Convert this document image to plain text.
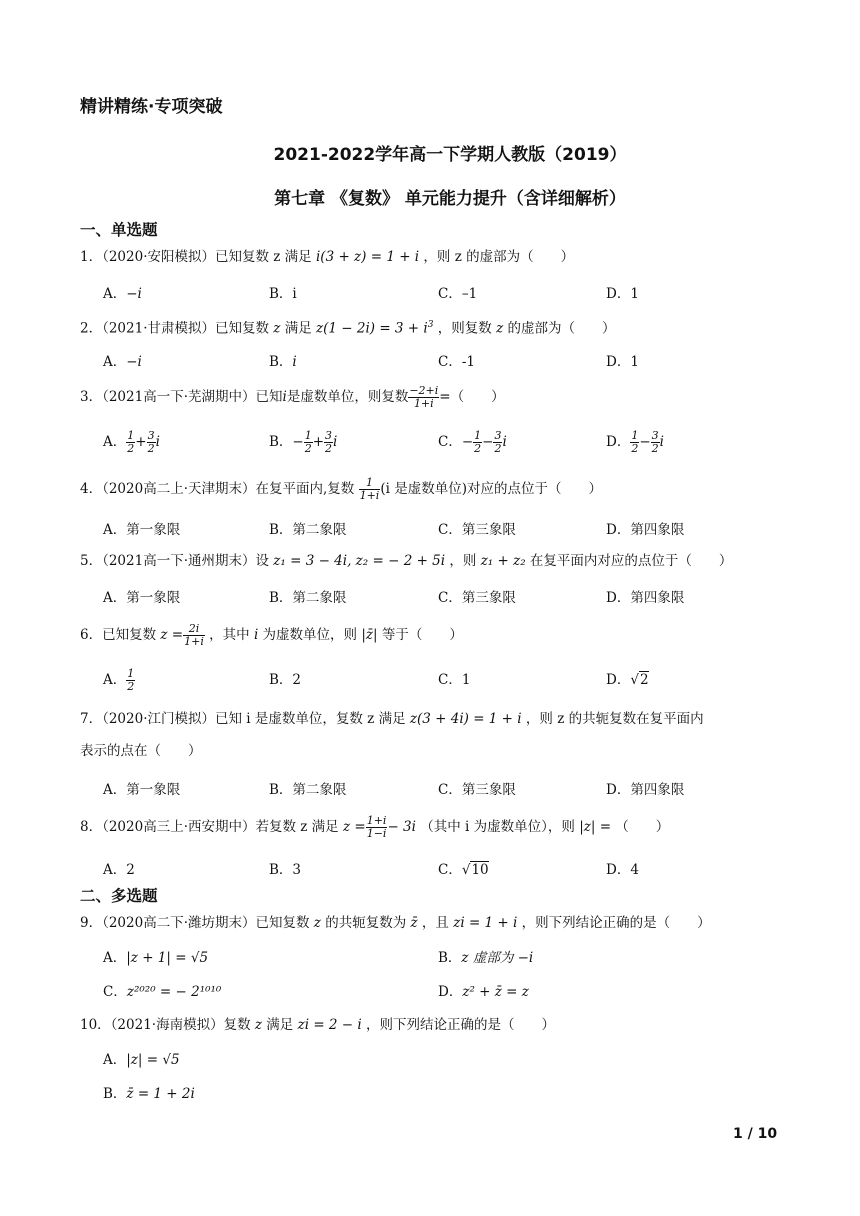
精讲精练·专项突破
2021-2022学年高一下学期人教版（2019）
第七章 《复数》 单元能力提升（含详细解析）
一、单选题
1．（2020·安阳模拟）已知复数 z 满足 i(3 + z) = 1 + i ，则 z 的虚部为（　　）
A．−i	B．i	C．–1	D．1
2．（2021·甘肃模拟）已知复数 z 满足 $z(1 - 2i) = 3 + i^3$ ，则复数 z 的虚部为（　　）
A．−i	B．i	C．-1	D．1
3．（2021高一下·芜湖期中）已知i是虚数单位，则复数 $\frac{-2+i}{1+i}$ =（　　）
A． $\frac{1}{2} + \frac{3}{2}$ i	B．− $\frac{1}{2} + \frac{3}{2}$ i	C．− $\frac{1}{2} - \frac{3}{2}$ i	D． $\frac{1}{2} - \frac{3}{2}$ i
4．（2020高二上·天津期末）在复平面内,复数 $\frac{1}{1+i} (i$ 是虚数单位)对应的点位于（　　）
A．第一象限	B．第二象限	C．第三象限	D．第四象限
5．（2021高一下·通州期末）设 z₁ = 3 − 4i, z₂ = − 2 + 5i ，则 z₁ + z₂ 在复平面内对应的点位于（　　）
A．第一象限	B．第二象限	C．第三象限	D．第四象限
6．已知复数 $z = \frac{2i}{1+i}$ ，其中 i 为虚数单位，则 |z̄| 等于（　　）
A． $\frac{1}{2}$	B．2	C．1	D．√2
7．（2020·江门模拟）已知 i 是虚数单位，复数 z 满足 z(3 + 4i) = 1 + i ，则 z 的共轭复数在复平面内
表示的点在（　　）
A．第一象限	B．第二象限	C．第三象限	D．第四象限
8．（2020高三上·西安期中）若复数 z 满足 $z = \frac{1+i}{1-i} - 3i$ （其中 i 为虚数单位），则 |z| = （　　）
A．2	B．3	C．√10	D．4
二、多选题
9．（2020高二下·潍坊期末）已知复数 z 的共轭复数为 z̄ ，且 zi = 1 + i ，则下列结论正确的是（　　）
A．|z + 1| = √5	B．z 虚部为 −i
C．z²⁰²⁰ = − 2¹⁰¹⁰	D．z² + z̄ = z
10．（2021·海南模拟）复数 z 满足 zi = 2 − i ，则下列结论正确的是（　　）
A．|z| = √5
B．z̄ = 1 + 2i
1 / 10
